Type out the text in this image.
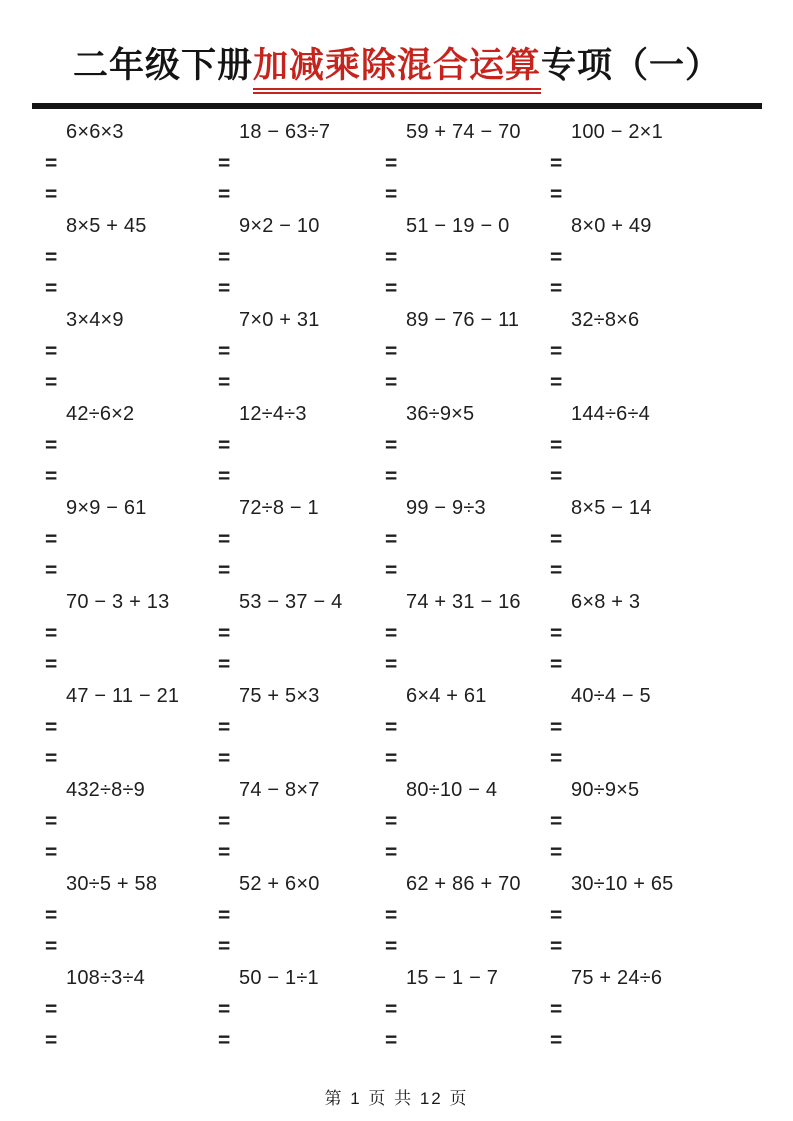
二年级下册加减乘除混合运算专项（一）
6×6×3
=
=
18 − 63÷7
=
=
59 + 74 − 70
=
=
100 − 2×1
=
=
8×5 + 45
=
=
9×2 − 10
=
=
51 − 19 − 0
=
=
8×0 + 49
=
=
3×4×9
=
=
7×0 + 31
=
=
89 − 76 − 11
=
=
32÷8×6
=
=
42÷6×2
=
=
12÷4÷3
=
=
36÷9×5
=
=
144÷6÷4
=
=
9×9 − 61
=
=
72÷8 − 1
=
=
99 − 9÷3
=
=
8×5 − 14
=
=
70 − 3 + 13
=
=
53 − 37 − 4
=
=
74 + 31 − 16
=
=
6×8 + 3
=
=
47 − 11 − 21
=
=
75 + 5×3
=
=
6×4 + 61
=
=
40÷4 − 5
=
=
432÷8÷9
=
=
74 − 8×7
=
=
80÷10 − 4
=
=
90÷9×5
=
=
30÷5 + 58
=
=
52 + 6×0
=
=
62 + 86 + 70
=
=
30÷10 + 65
=
=
108÷3÷4
=
=
50 − 1÷1
=
=
15 − 1 − 7
=
=
75 + 24÷6
=
=
第 1 页 共 12 页
